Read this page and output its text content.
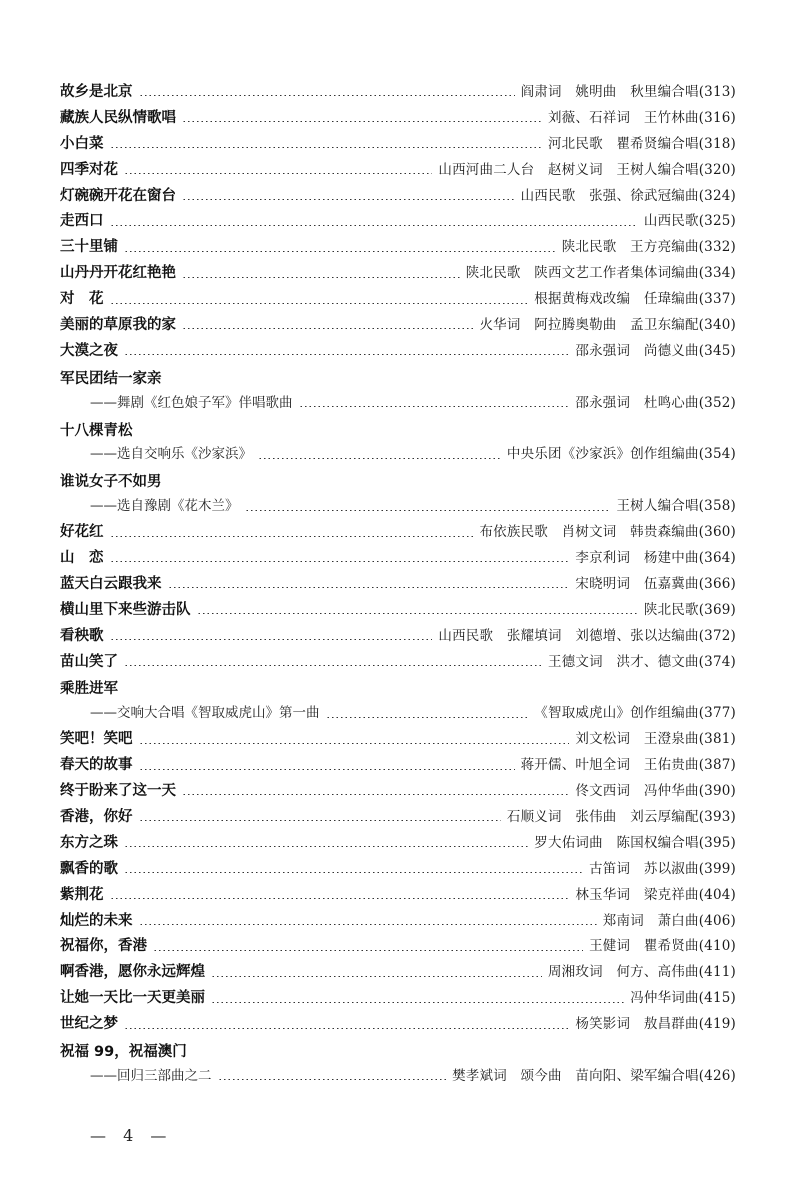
故乡是北京	阎肃词　姚明曲　秋里编合唱(313)
藏族人民纵情歌唱	刘薇、石祥词　王竹林曲(316)
小白菜	河北民歌　瞿希贤编合唱(318)
四季对花	山西河曲二人台　赵树义词　王树人编合唱(320)
灯碗碗开花在窗台	山西民歌　张强、徐武冠编曲(324)
走西口	山西民歌(325)
三十里铺	陕北民歌　王方亮编曲(332)
山丹丹开花红艳艳	陕北民歌　陕西文艺工作者集体词编曲(334)
对　花	根据黄梅戏改编　任瑋编曲(337)
美丽的草原我的家	火华词　阿拉腾奥勒曲　孟卫东编配(340)
大漠之夜	邵永强词　尚德义曲(345)
军民团结一家亲
——舞剧《红色娘子军》伴唱歌曲	邵永强词　杜鸣心曲(352)
十八棵青松
——选自交响乐《沙家浜》	中央乐团《沙家浜》创作组编曲(354)
谁说女子不如男
——选自豫剧《花木兰》	王树人编合唱(358)
好花红	布依族民歌　肖树文词　韩贵森编曲(360)
山　恋	李京利词　杨建中曲(364)
蓝天白云跟我来	宋晓明词　伍嘉冀曲(366)
横山里下来些游击队	陕北民歌(369)
看秧歌	山西民歌　张耀填词　刘德增、张以达编曲(372)
苗山笑了	王德文词　洪才、德文曲(374)
乘胜进军
——交响大合唱《智取威虎山》第一曲	《智取威虎山》创作组编曲(377)
笑吧！笑吧	刘文松词　王澄泉曲(381)
春天的故事	蒋开儒、叶旭全词　王佑贵曲(387)
终于盼来了这一天	佟文西词　冯仲华曲(390)
香港，你好	石顺义词　张伟曲　刘云厚编配(393)
东方之珠	罗大佑词曲　陈国权编合唱(395)
飘香的歌	古笛词　苏以淑曲(399)
紫荆花	林玉华词　梁克祥曲(404)
灿烂的未来	郑南词　萧白曲(406)
祝福你，香港	王健词　瞿希贤曲(410)
啊香港，愿你永远辉煌	周湘玫词　何方、高伟曲(411)
让她一天比一天更美丽	冯仲华词曲(415)
世纪之梦	杨笑影词　敖昌群曲(419)
祝福 99，祝福澳门
——回归三部曲之二	樊孝斌词　颂今曲　苗向阳、梁军编合唱(426)
— 4 —
